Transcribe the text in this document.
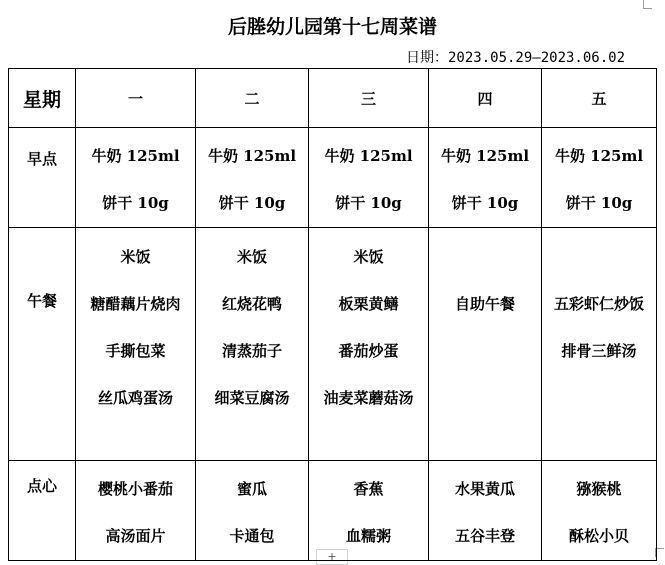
后塍幼儿园第十七周菜谱
日期：2023.05.29—2023.06.02
+
星期	一	二	三	四	五

早点	牛奶 125ml
饼干 10g	牛奶 125ml
饼干 10g	牛奶 125ml
饼干 10g	牛奶 125ml
饼干 10g	牛奶 125ml
饼干 10g

午餐	米饭
糖醋藕片烧肉
手撕包菜
丝瓜鸡蛋汤	米饭
红烧花鸭
清蒸茄子
细菜豆腐汤	米饭
板栗黄鳝
番茄炒蛋
油麦菜蘑菇汤	自助午餐	五彩虾仁炒饭
排骨三鲜汤

点心	樱桃小番茄
高汤面片	蜜瓜
卡通包	香蕉
血糯粥	水果黄瓜
五谷丰登	猕猴桃
酥松小贝
